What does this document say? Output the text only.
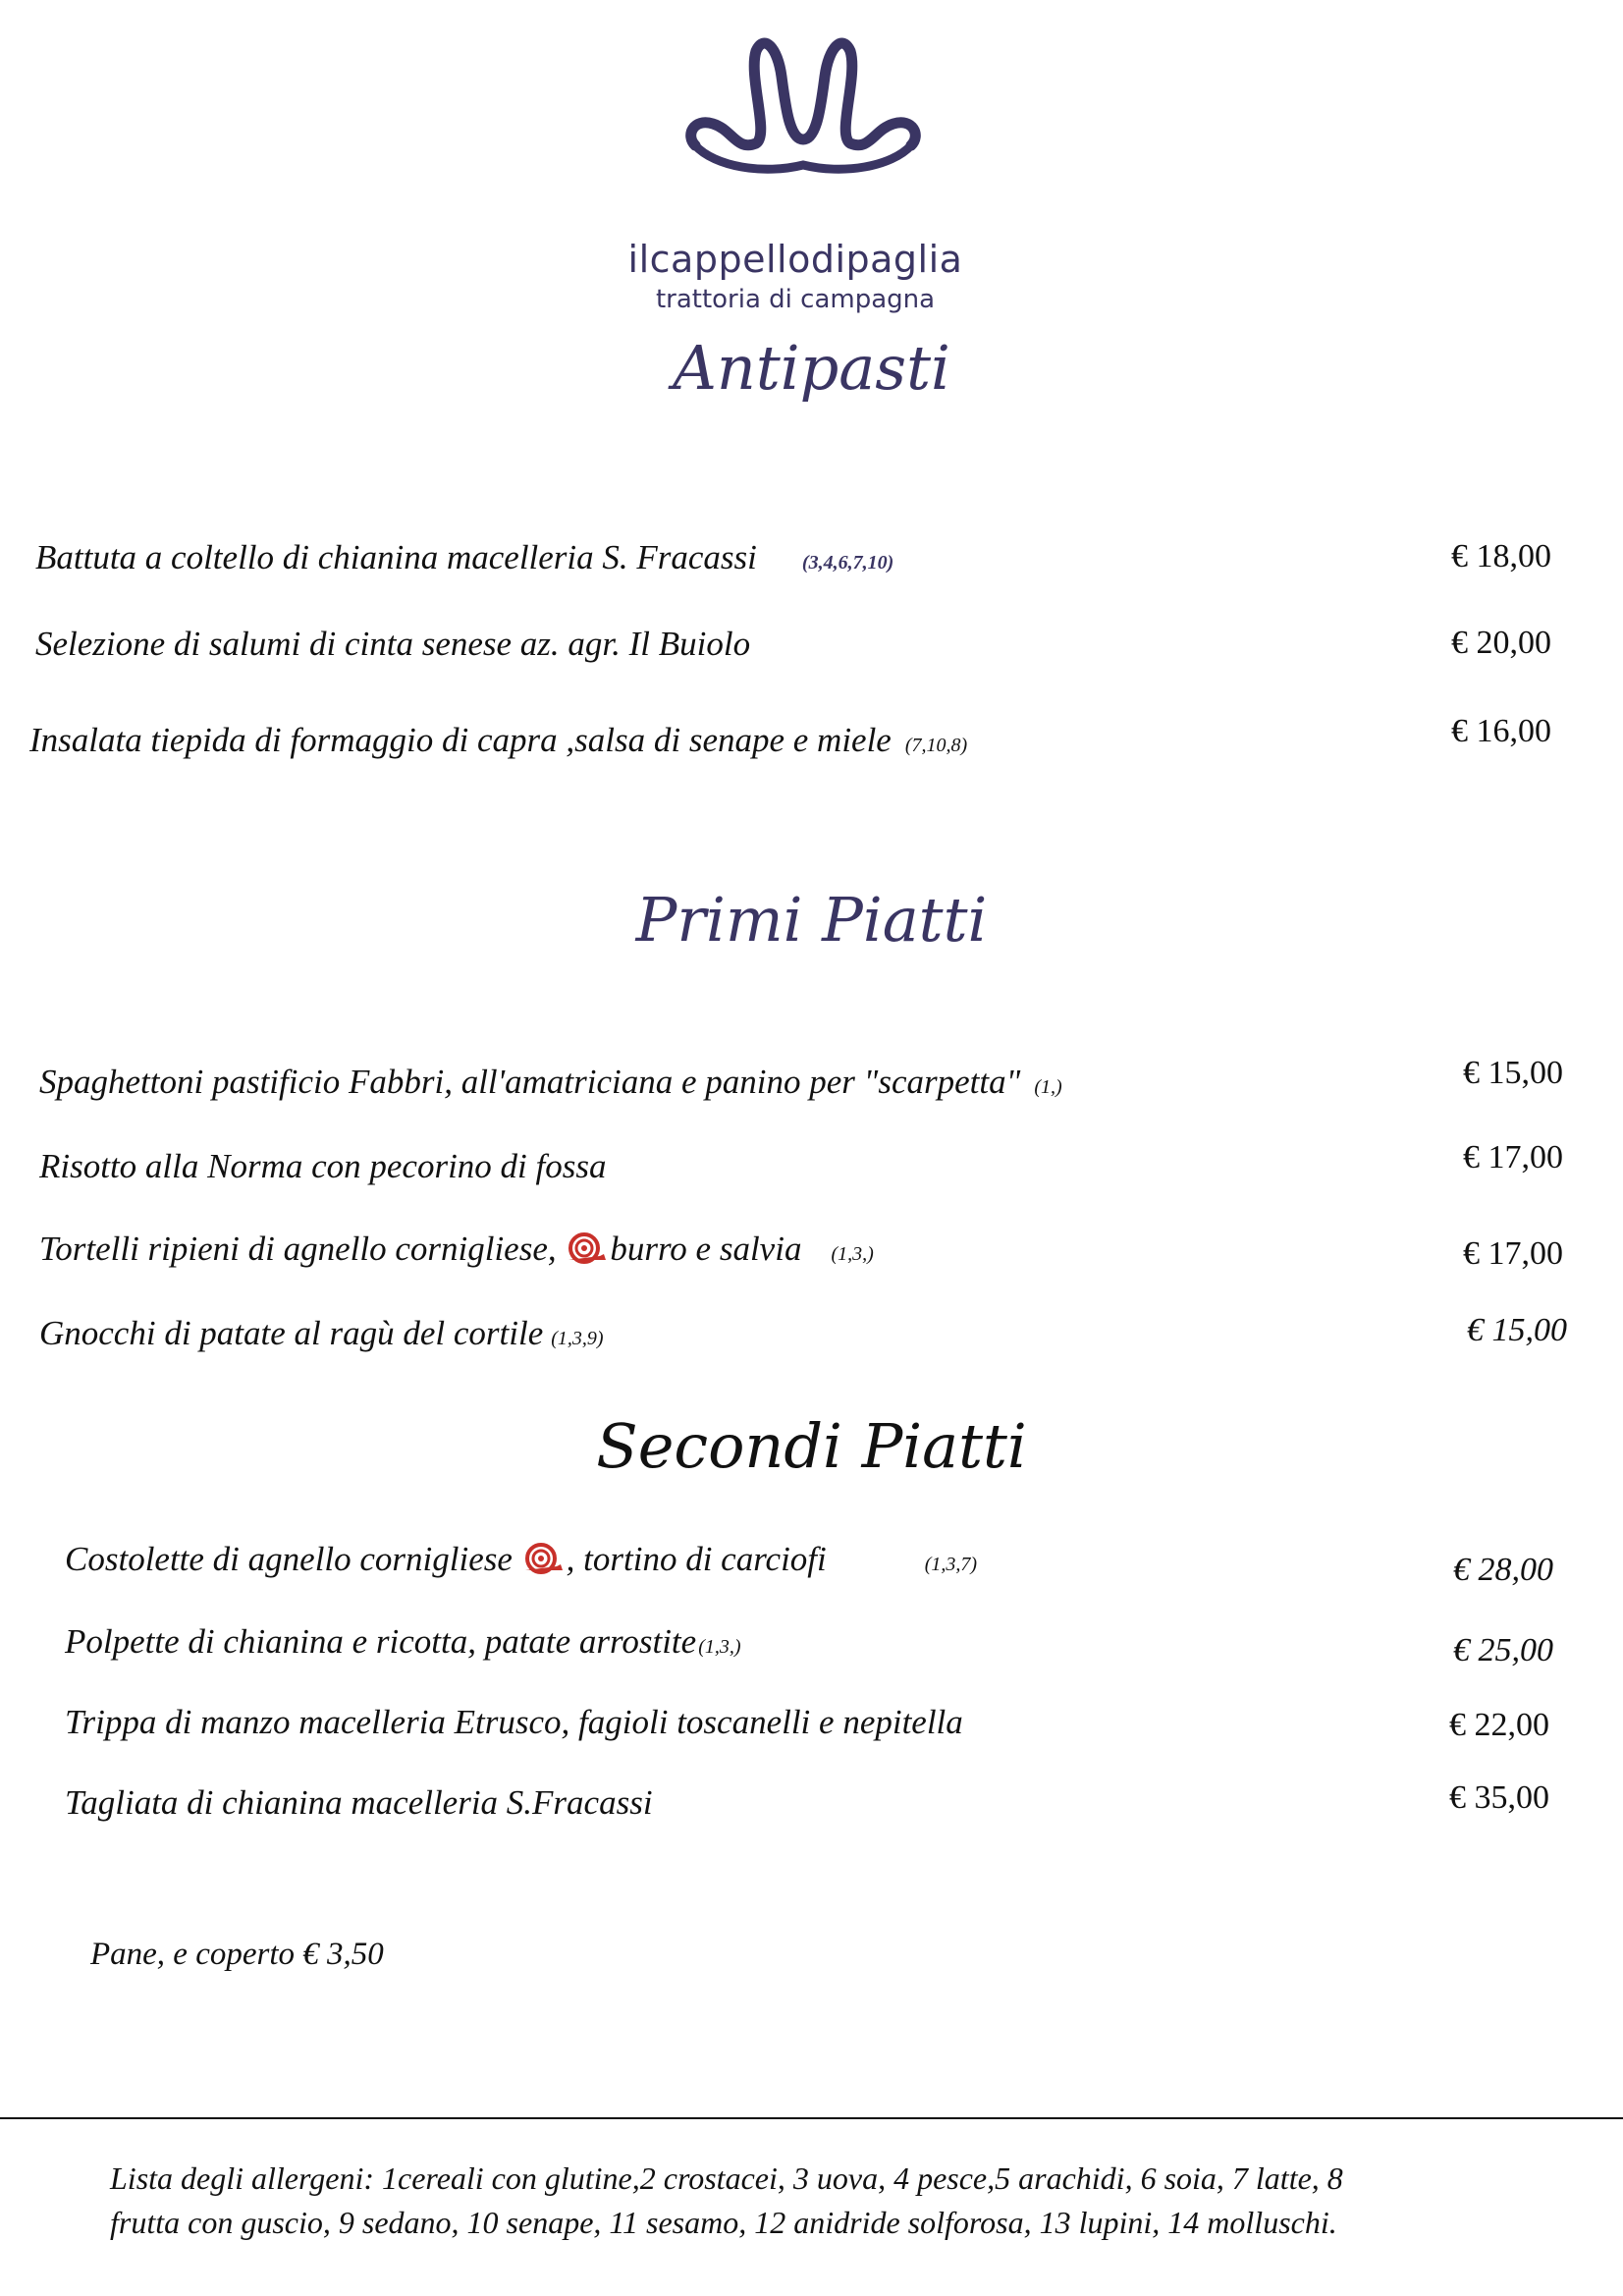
ilcappellodipaglia
trattoria di campagna
Antipasti
Battuta a coltello di chianina macelleria S. Fracassi (3,4,6,7,10)	€ 18,00
Selezione di salumi di cinta senese az. agr. Il Buiolo	€ 20,00
Insalata tiepida di formaggio di capra ,salsa di senape e miele (7,10,8)	€ 16,00
Primi Piatti
Spaghettoni pastificio Fabbri, all'amatriciana e panino per "scarpetta" (1,)	€ 15,00
Risotto alla Norma con pecorino di fossa	€ 17,00
Tortelli ripieni di agnello cornigliese, burro e salvia (1,3,)	€ 17,00
Gnocchi di patate al ragù del cortile (1,3,9)	€ 15,00
Secondi Piatti
Costolette di agnello cornigliese , tortino di carciofi	(1,3,7)	€ 28,00
Polpette di chianina e ricotta, patate arrostite (1,3,)	€ 25,00
Trippa di manzo macelleria Etrusco, fagioli toscanelli e nepitella	€ 22,00
Tagliata di chianina macelleria S.Fracassi	€ 35,00
Pane, e coperto € 3,50
Lista degli allergeni: 1cereali con glutine,2 crostacei, 3 uova, 4 pesce,5 arachidi, 6 soia, 7 latte, 8
frutta con guscio, 9 sedano, 10 senape, 11 sesamo, 12 anidride solforosa, 13 lupini, 14 molluschi.
